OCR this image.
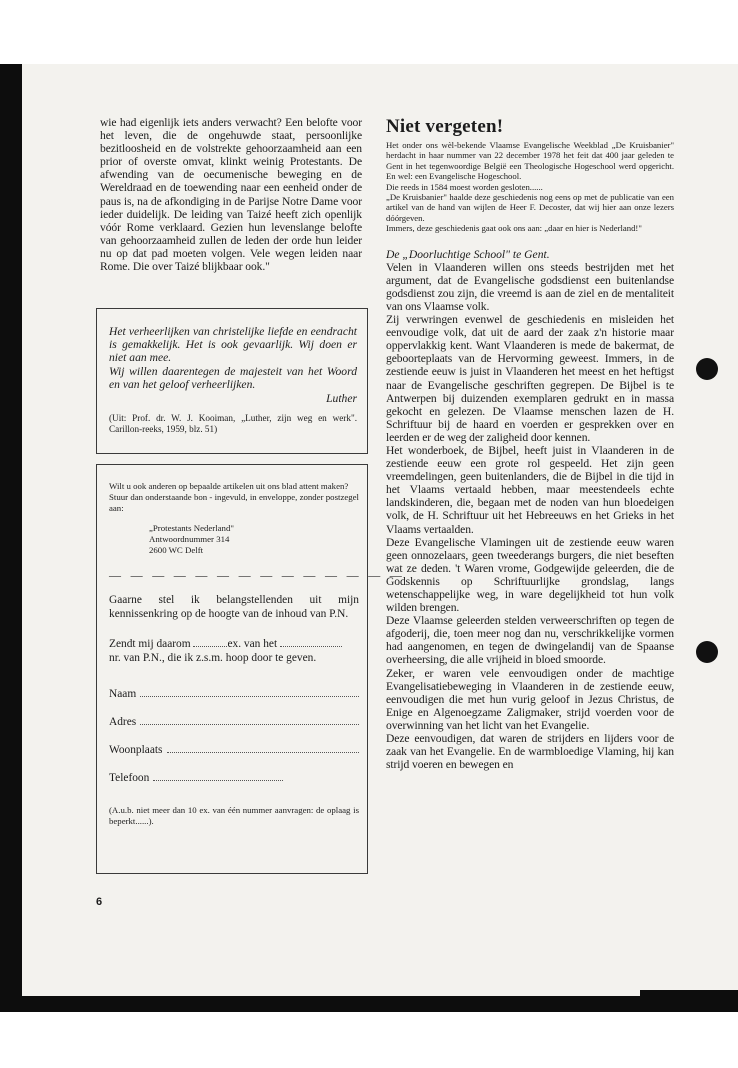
wie had eigenlijk iets anders verwacht? Een belofte voor het leven, die de ongehuwde staat, persoonlijke bezitloosheid en de volstrekte gehoorzaamheid aan een prior of overste omvat, klinkt weinig Protestants. De afwending van de oecumenische beweging en de Wereldraad en de toewending naar een eenheid onder de paus is, na de afkondiging in de Parijse Notre Dame voor ieder duidelijk. De leiding van Taizé heeft zich openlijk vóór Rome verklaard. Gezien hun levenslange belofte van gehoorzaamheid zullen de leden der orde hun leider nu op dat pad moeten volgen. Vele wegen leiden naar Rome. Die over Taizé blijkbaar ook."

Het verheerlijken van christelijke liefde en eendracht is gemakkelijk. Het is ook gevaarlijk. Wij doen er niet aan mee.

Wij willen daarentegen de majesteit van het Woord en van het geloof verheerlijken.

Luther

(Uit: Prof. dr. W. J. Kooiman, „Luther, zijn weg en werk". Carillon-reeks, 1959, blz. 51)

Wilt u ook anderen op bepaalde artikelen uit ons blad attent maken?

Stuur dan onderstaande bon - ingevuld, in enveloppe, zonder postzegel aan:

„Protestants Nederland"
Antwoordnummer 314
2600 WC Delft
— — — — — — — — — — — — — —

Gaarne stel ik belangstellenden uit mijn kennissenkring op de hoogte van de inhoud van P.N.

Zendt mij daarom	ex. van het
nr. van P.N., die ik z.s.m. hoop door te geven.
Naam
Adres
Woonplaats
Telefoon

(A.u.b. niet meer dan 10 ex. van één nummer aanvragen: de oplaag is beperkt......).

6
Niet vergeten!

Het onder ons wèl-bekende Vlaamse Evangelische Weekblad „De Kruisbanier" herdacht in haar nummer van 22 december 1978 het feit dat 400 jaar geleden te Gent in het tegenwoordige België een Theologische Hogeschool werd opgericht. En wel: een Evangelische Hogeschool.

Die reeds in 1584 moest worden gesloten......

„De Kruisbanier" haalde deze geschiedenis nog eens op met de publicatie van een artikel van de hand van wijlen de Heer F. Decoster, dat wij hier aan onze lezers dóórgeven.

Immers, deze geschiedenis gaat ook ons aan: „daar en hier is Nederland!"

De „Doorluchtige School" te Gent.

Velen in Vlaanderen willen ons steeds bestrijden met het argument, dat de Evangelische godsdienst een buitenlandse godsdienst zou zijn, die vreemd is aan de ziel en de mentaliteit van ons Vlaamse volk.

Zij verwringen evenwel de geschiedenis en misleiden het eenvoudige volk, dat uit de aard der zaak z'n historie maar oppervlakkig kent. Want Vlaanderen is mede de bakermat, de geboorteplaats van de Hervorming geweest. Immers, in de zestiende eeuw is juist in Vlaanderen het meest en het heftigst naar de Evangelische geschriften gegrepen. De Bijbel is te Antwerpen bij duizenden exemplaren gedrukt en in massa gekocht en gelezen. De Vlaamse menschen lazen de H. Schriftuur bij de haard en voerden er gesprekken over en leerden er de weg der zaligheid door kennen.

Het wonderboek, de Bijbel, heeft juist in Vlaanderen in de zestiende eeuw een grote rol gespeeld. Het zijn geen vreemdelingen, geen buitenlanders, die de Bijbel in die tijd in het Vlaams vertaald hebben, maar meestendeels echte landskinderen, die, begaan met de noden van hun bloedeigen volk, de H. Schriftuur uit het Hebreeuws en het Grieks in het Vlaams vertaalden.

Deze Evangelische Vlamingen uit de zestiende eeuw waren geen onnozelaars, geen tweederangs burgers, die niet beseften wat ze deden. 't Waren vrome, Godgewijde geleerden, die de Godskennis op Schriftuurlijke grondslag, langs wetenschappelijke weg, in ware degelijkheid tot hun volk wilden brengen.

Deze Vlaamse geleerden stelden verweerschriften op tegen de afgoderij, die, toen meer nog dan nu, verschrikkelijke vormen had aangenomen, en tegen de dwingelandij van de Spaanse overheersing, die alle vrijheid in bloed smoorde.

Zeker, er waren vele eenvoudigen onder de machtige Evangelisatiebeweging in Vlaanderen in de zestiende eeuw, eenvoudigen die met hun vurig geloof in Jezus Christus, de Enige en Algenoegzame Zaligmaker, strijd voerden voor de overwinning van het licht van het Evangelie.

Deze eenvoudigen, dat waren de strijders en lijders voor de zaak van het Evangelie. En de warmbloedige Vlaming, hij kan strijd voeren en bewegen en
